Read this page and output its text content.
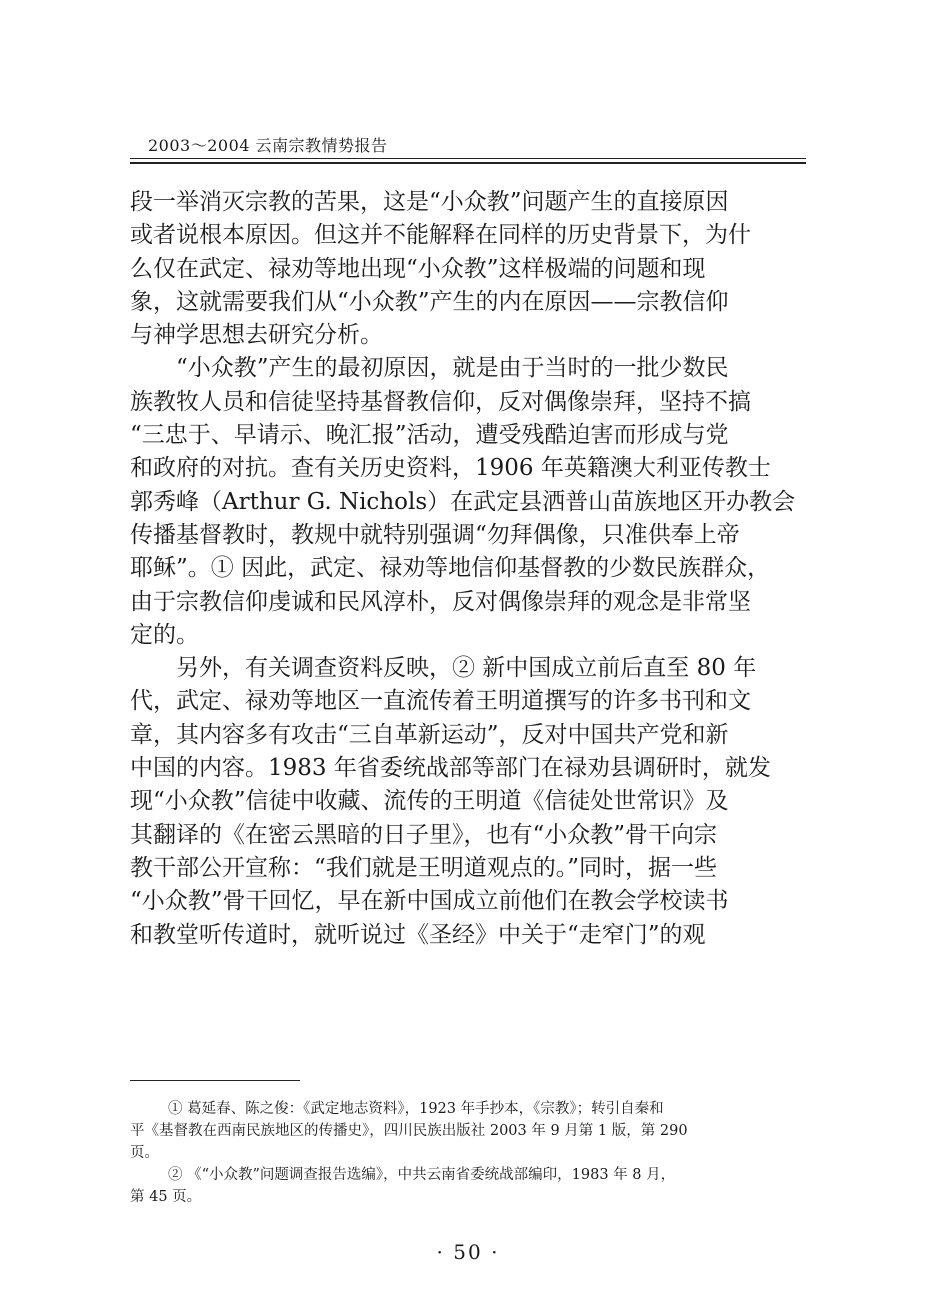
2003～2004 云南宗教情势报告

段一举消灭宗教的苦果，这是“小众教”问题产生的直接原因
或者说根本原因。但这并不能解释在同样的历史背景下，为什
么仅在武定、禄劝等地出现“小众教”这样极端的问题和现
象，这就需要我们从“小众教”产生的内在原因——宗教信仰
与神学思想去研究分析。

“小众教”产生的最初原因，就是由于当时的一批少数民
族教牧人员和信徒坚持基督教信仰，反对偶像崇拜，坚持不搞
“三忠于、早请示、晚汇报”活动，遭受残酷迫害而形成与党
和政府的对抗。查有关历史资料，1906 年英籍澳大利亚传教士
郭秀峰（Arthur G. Nichols）在武定县洒普山苗族地区开办教会
传播基督教时，教规中就特别强调“勿拜偶像，只准供奉上帝
耶稣”。① 因此，武定、禄劝等地信仰基督教的少数民族群众，
由于宗教信仰虔诚和民风淳朴，反对偶像崇拜的观念是非常坚
定的。

另外，有关调查资料反映，② 新中国成立前后直至 80 年
代，武定、禄劝等地区一直流传着王明道撰写的许多书刊和文
章，其内容多有攻击“三自革新运动”，反对中国共产党和新
中国的内容。1983 年省委统战部等部门在禄劝县调研时，就发
现“小众教”信徒中收藏、流传的王明道《信徒处世常识》及
其翻译的《在密云黑暗的日子里》，也有“小众教”骨干向宗
教干部公开宣称：“我们就是王明道观点的。”同时，据一些
“小众教”骨干回忆，早在新中国成立前他们在教会学校读书
和教堂听传道时，就听说过《圣经》中关于“走窄门”的观

① 葛延春、陈之俊：《武定地志资料》，1923 年手抄本，《宗教》；转引自秦和
平《基督教在西南民族地区的传播史》，四川民族出版社 2003 年 9 月第 1 版，第 290
页。
② 《“小众教”问题调查报告选编》，中共云南省委统战部编印，1983 年 8 月，
第 45 页。
· 50 ·
